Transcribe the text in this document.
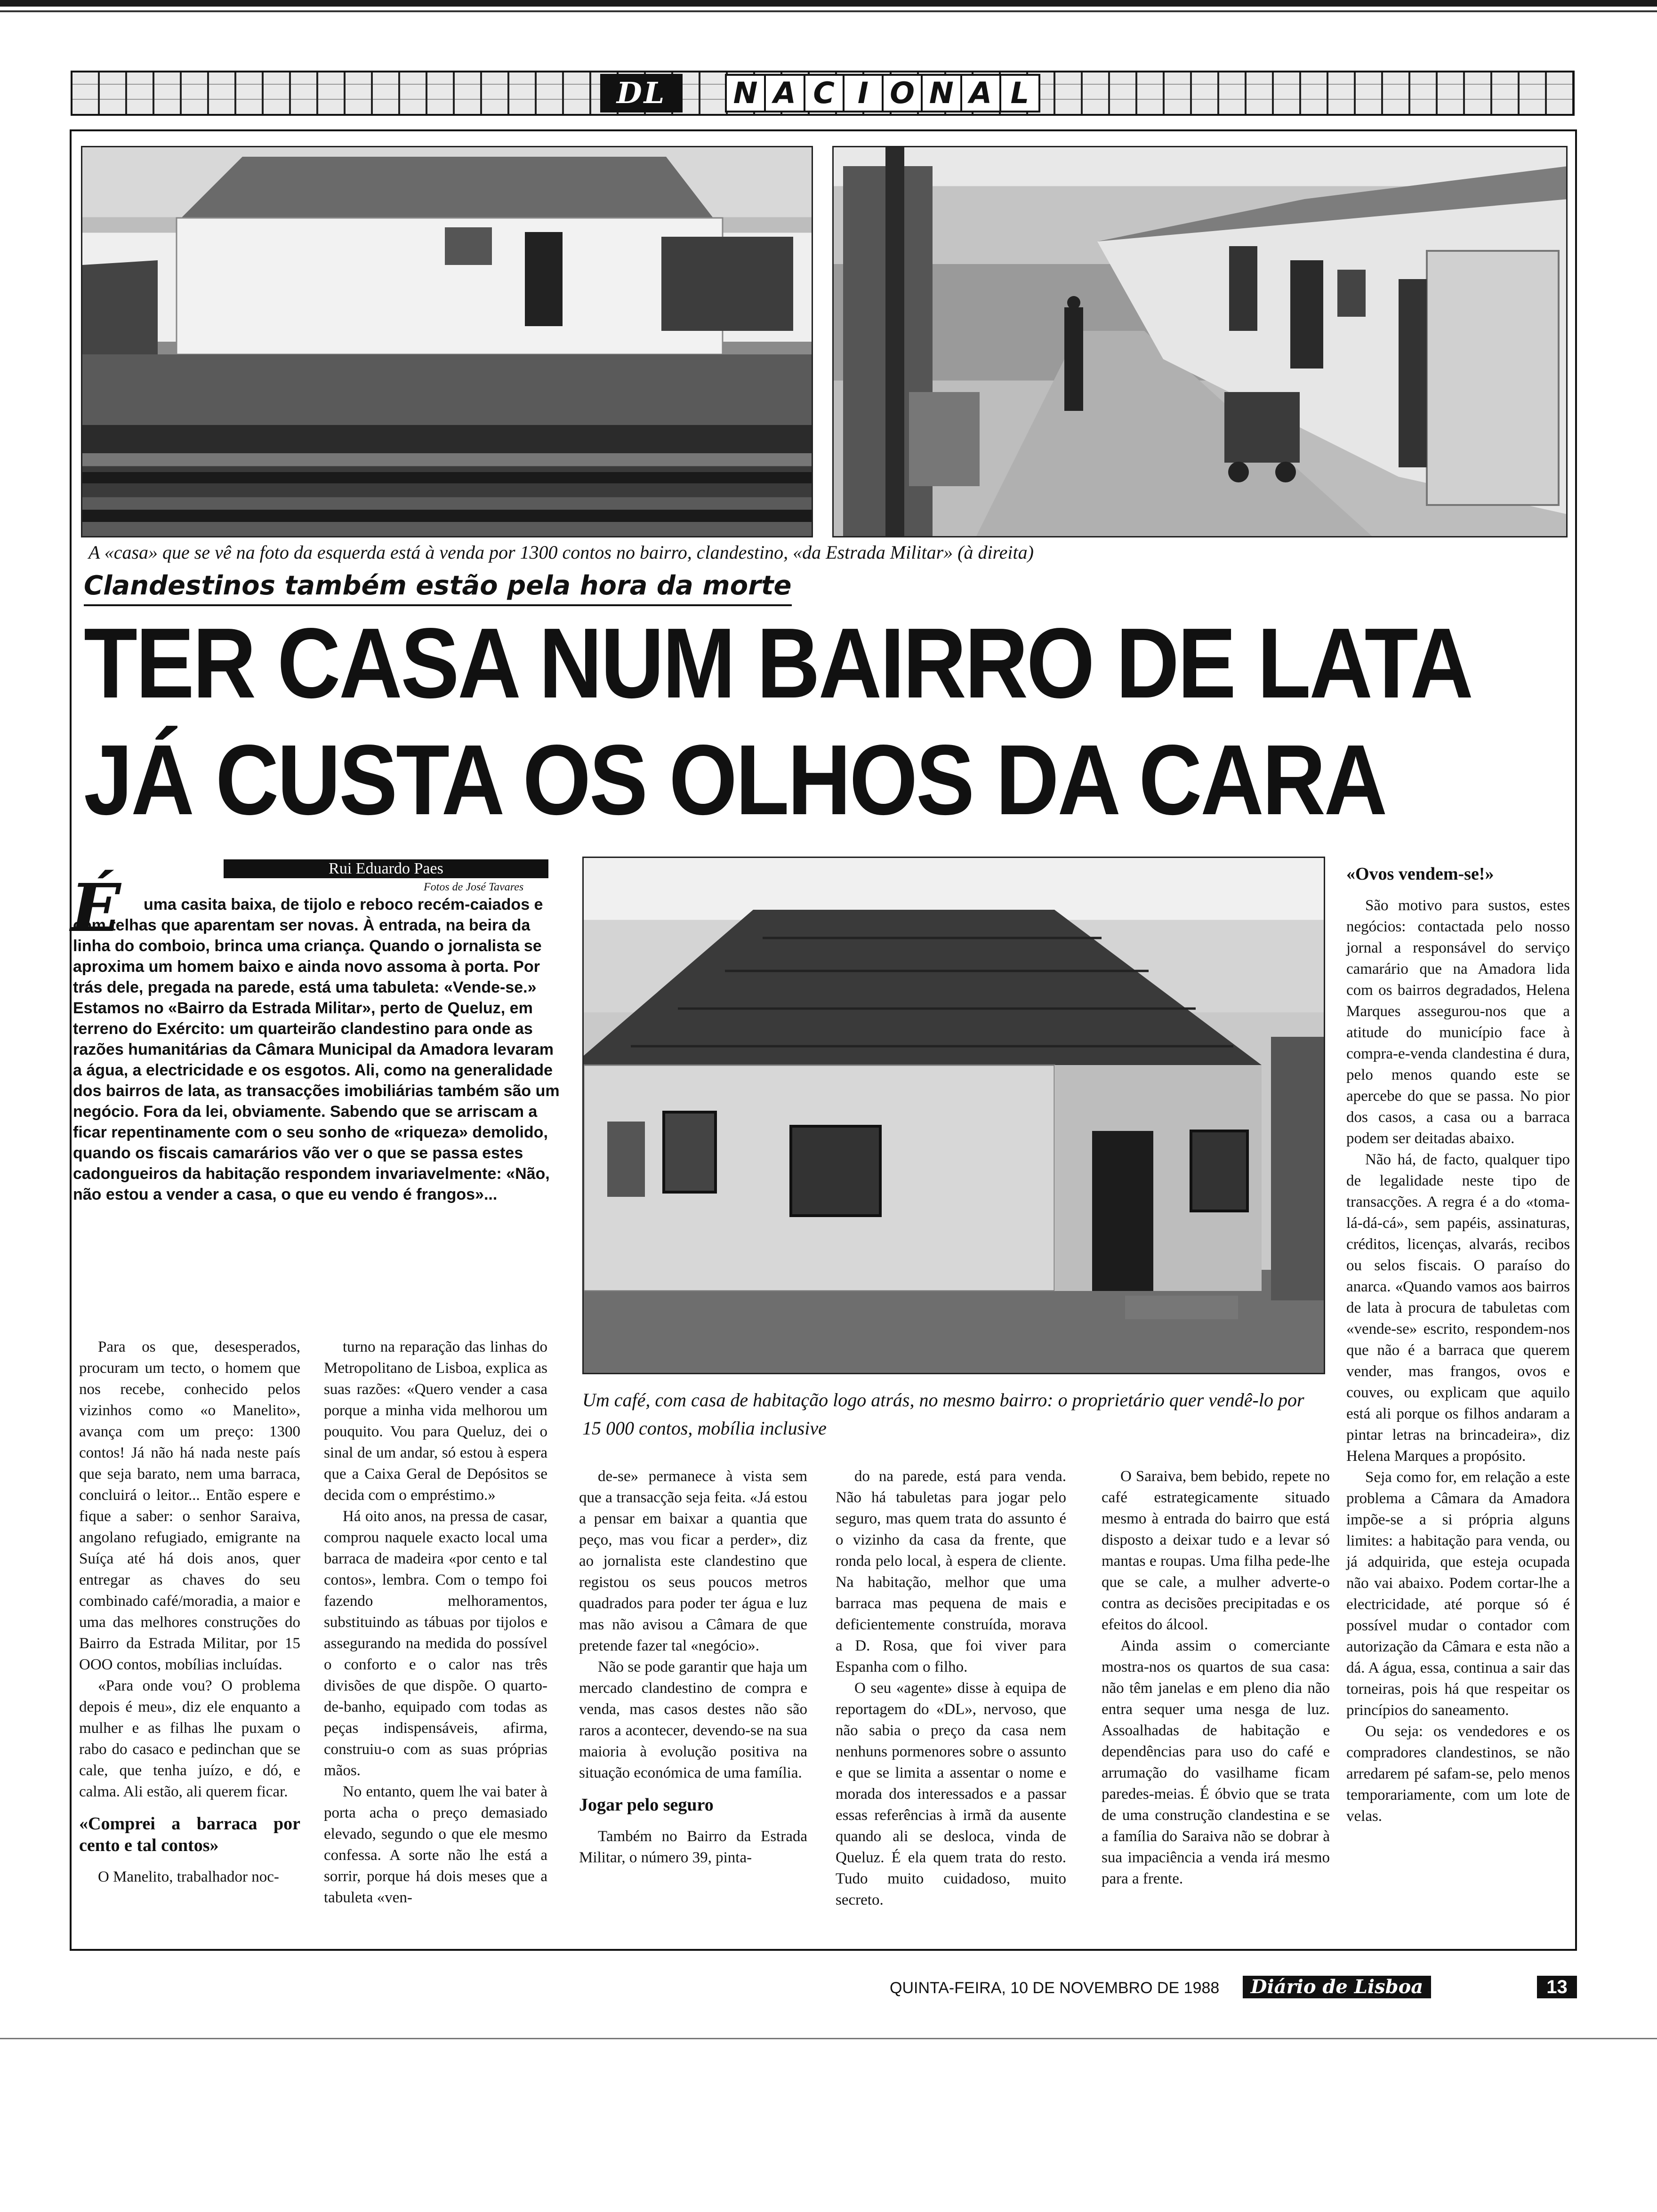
DL	N A C I O N A L
A «casa» que se vê na foto da esquerda está à venda por 1300 contos no bairro, clandestino, «da Estrada Militar» (à direita)
Clandestinos também estão pela hora da morte
TER CASA NUM BAIRRO DE LATA
JÁ CUSTA OS OLHOS DA CARA
Rui Eduardo Paes
Fotos de José Tavares
É	uma casita baixa, de tijolo e reboco recém-caiados e com telhas que aparentam ser novas. À entrada, na beira da linha do comboio, brinca uma criança. Quando o jornalista se aproxima um homem baixo e ainda novo assoma à porta. Por trás dele, pregada na parede, está uma tabuleta: «Vende-se.» Estamos no «Bairro da Estrada Militar», perto de Queluz, em terreno do Exército: um quarteirão clandestino para onde as razões humanitárias da Câmara Municipal da Amadora levaram a água, a electricidade e os esgotos. Ali, como na generalidade dos bairros de lata, as transacções imobiliárias também são um negócio. Fora da lei, obviamente. Sabendo que se arriscam a ficar repentinamente com o seu sonho de «riqueza» demolido, quando os fiscais camarários vão ver o que se passa estes cadongueiros da habitação respondem invariavelmente: «Não, não estou a vender a casa, o que eu vendo é frangos»...

Um café, com casa de habitação logo atrás, no mesmo bairro: o proprietário quer vendê-lo por 15 000 contos, mobília inclusive

Para os que, desesperados, procuram um tecto, o homem que nos recebe, conhecido pelos vizinhos como «o Manelito», avança com um preço: 1300 contos! Já não há nada neste país que seja barato, nem uma barraca, concluirá o leitor... Então espere e fique a saber: o senhor Saraiva, angolano refugiado, emigrante na Suíça até há dois anos, quer entregar as chaves do seu combinado café/moradia, a maior e uma das melhores construções do Bairro da Estrada Militar, por 15 OOO contos, mobílias incluídas.

«Para onde vou? O problema depois é meu», diz ele enquanto a mulher e as filhas lhe puxam o rabo do casaco e pedinchan que se cale, que tenha juízo, e dó, e calma. Ali estão, ali querem ficar.

«Comprei a barraca por cento e tal contos»

O Manelito, trabalhador noc-

turno na reparação das linhas do Metropolitano de Lisboa, explica as suas razões: «Quero vender a casa porque a minha vida melhorou um pouquito. Vou para Queluz, dei o sinal de um andar, só estou à espera que a Caixa Geral de Depósitos se decida com o empréstimo.»

Há oito anos, na pressa de casar, comprou naquele exacto local uma barraca de madeira «por cento e tal contos», lembra. Com o tempo foi fazendo melhoramentos, substituindo as tábuas por tijolos e assegurando na medida do possível o conforto e o calor nas três divisões de que dispõe. O quarto-de-banho, equipado com todas as peças indispensáveis, afirma, construiu-o com as suas próprias mãos.

No entanto, quem lhe vai bater à porta acha o preço demasiado elevado, segundo o que ele mesmo confessa. A sorte não lhe está a sorrir, porque há dois meses que a tabuleta «ven-

de-se» permanece à vista sem que a transacção seja feita. «Já estou a pensar em baixar a quantia que peço, mas vou ficar a perder», diz ao jornalista este clandestino que registou os seus poucos metros quadrados para poder ter água e luz mas não avisou a Câmara de que pretende fazer tal «negócio».

Não se pode garantir que haja um mercado clandestino de compra e venda, mas casos destes não são raros a acontecer, devendo-se na sua maioria à evolução positiva na situação económica de uma família.

Jogar pelo seguro

Também no Bairro da Estrada Militar, o número 39, pinta-

do na parede, está para venda. Não há tabuletas para jogar pelo seguro, mas quem trata do assunto é o vizinho da casa da frente, que ronda pelo local, à espera de cliente. Na habitação, melhor que uma barraca mas pequena de mais e deficientemente construída, morava a D. Rosa, que foi viver para Espanha com o filho.

O seu «agente» disse à equipa de reportagem do «DL», nervoso, que não sabia o preço da casa nem nenhuns pormenores sobre o assunto e que se limita a assentar o nome e morada dos interessados e a passar essas referências à irmã da ausente quando ali se desloca, vinda de Queluz. É ela quem trata do resto. Tudo muito cuidadoso, muito secreto.

O Saraiva, bem bebido, repete no café estrategicamente situado mesmo à entrada do bairro que está disposto a deixar tudo e a levar só mantas e roupas. Uma filha pede-lhe que se cale, a mulher adverte-o contra as decisões precipitadas e os efeitos do álcool.

Ainda assim o comerciante mostra-nos os quartos de sua casa: não têm janelas e em pleno dia não entra sequer uma nesga de luz. Assoalhadas de habitação e dependências para uso do café e arrumação do vasilhame ficam paredes-meias. É óbvio que se trata de uma construção clandestina e se a família do Saraiva não se dobrar à sua impaciência a venda irá mesmo para a frente.

«Ovos vendem-se!»

São motivo para sustos, estes negócios: contactada pelo nosso jornal a responsável do serviço camarário que na Amadora lida com os bairros degradados, Helena Marques assegurou-nos que a atitude do município face à compra-e-venda clandestina é dura, pelo menos quando este se apercebe do que se passa. No pior dos casos, a casa ou a barraca podem ser deitadas abaixo.

Não há, de facto, qualquer tipo de legalidade neste tipo de transacções. A regra é a do «toma-lá-dá-cá», sem papéis, assinaturas, créditos, licenças, alvarás, recibos ou selos fiscais. O paraíso do anarca. «Quando vamos aos bairros de lata à procura de tabuletas com «vende-se» escrito, respondem-nos que não é a barraca que querem vender, mas frangos, ovos e couves, ou explicam que aquilo está ali porque os filhos andaram a pintar letras na brincadeira», diz Helena Marques a propósito.

Seja como for, em relação a este problema a Câmara da Amadora impõe-se a si própria alguns limites: a habitação para venda, ou já adquirida, que esteja ocupada não vai abaixo. Podem cortar-lhe a electricidade, até porque só é possível mudar o contador com autorização da Câmara e esta não a dá. A água, essa, continua a sair das torneiras, pois há que respeitar os princípios do saneamento.

Ou seja: os vendedores e os compradores clandestinos, se não arredarem pé safam-se, pelo menos temporariamente, com um lote de velas.

QUINTA-FEIRA, 10 DE NOVEMBRO DE 1988	Diário de Lisboa	13
